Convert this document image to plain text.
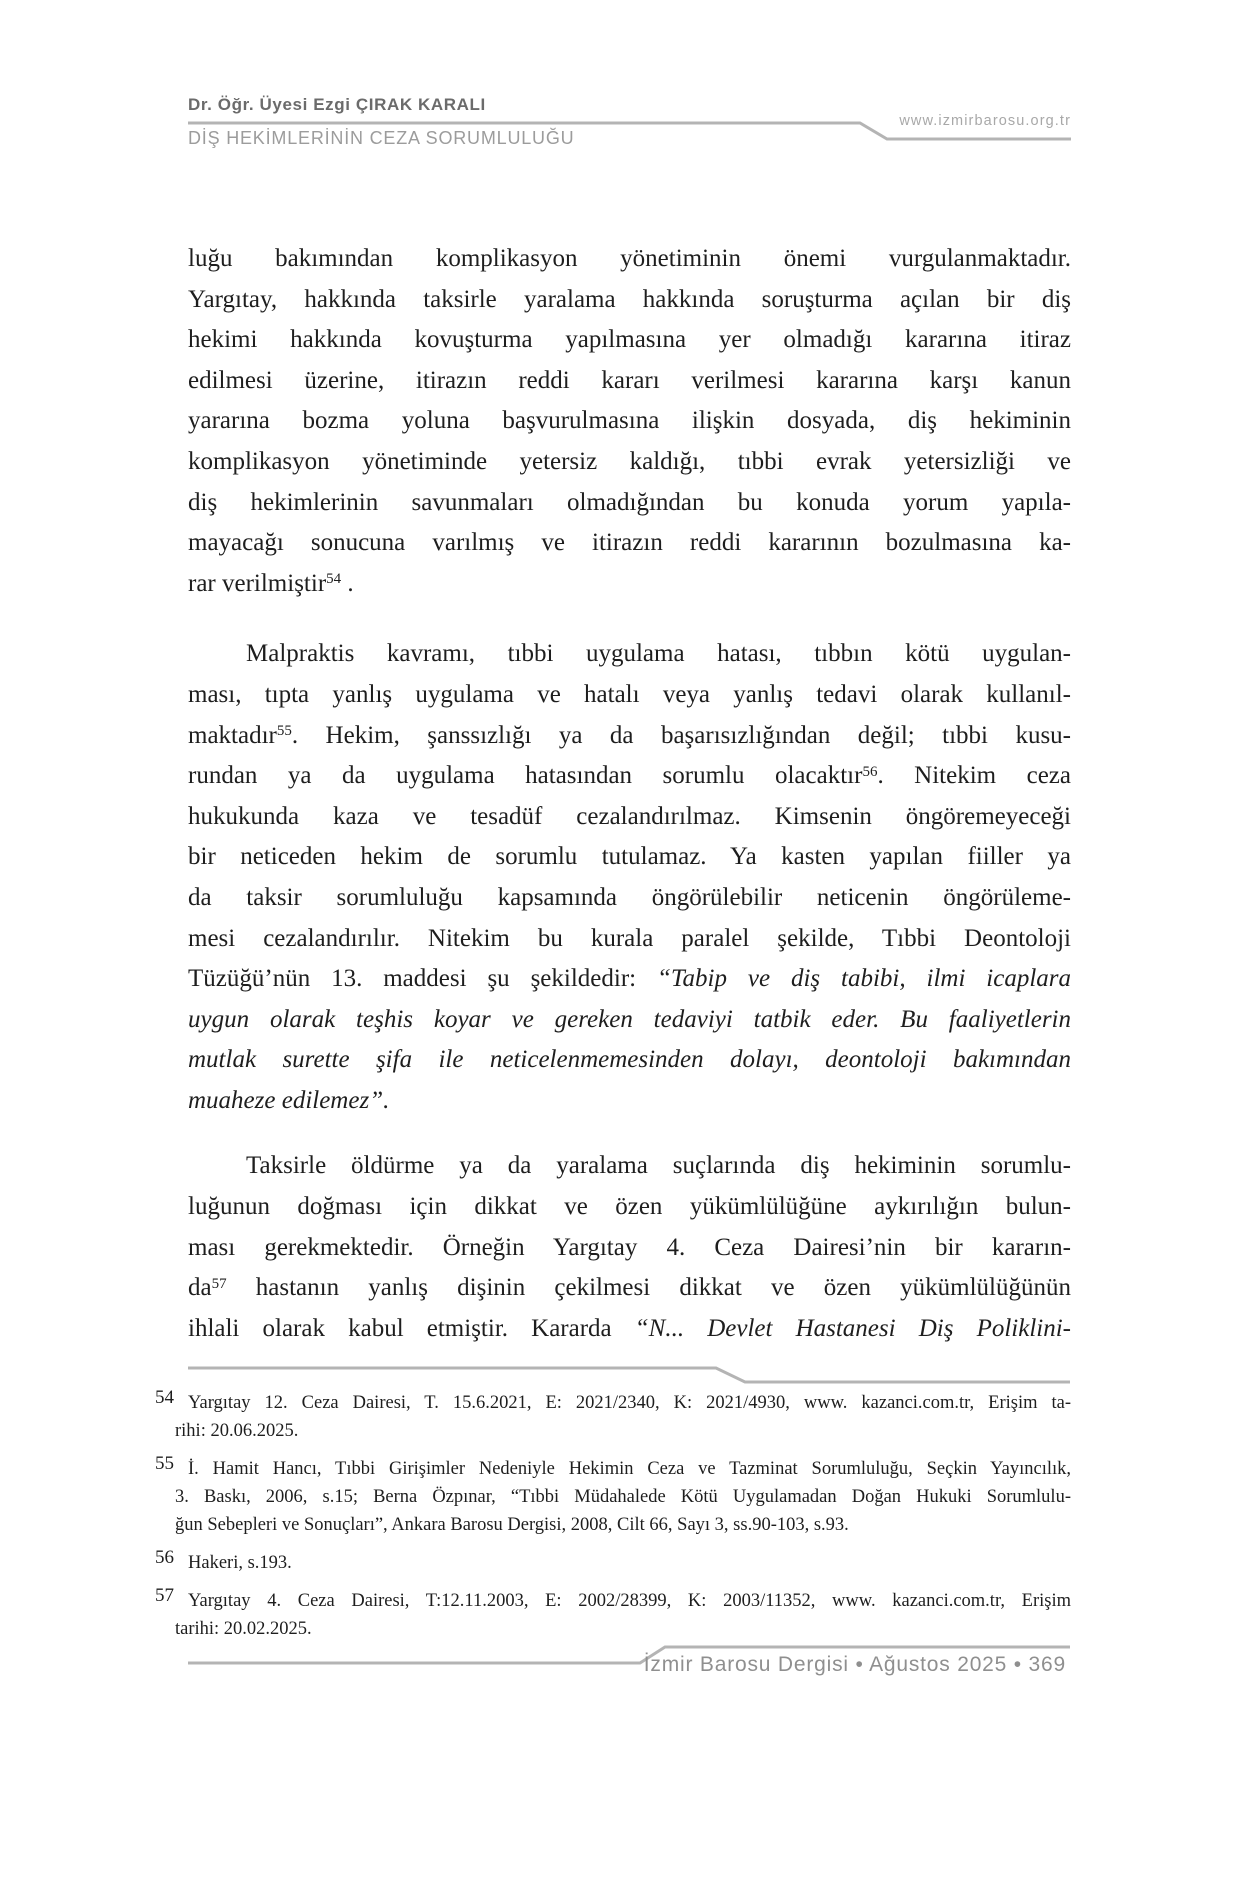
Dr. Öğr. Üyesi Ezgi ÇIRAK KARALI
DİŞ HEKİMLERİNİN CEZA SORUMLULUĞU
www.izmirbarosu.org.tr
luğu bakımından komplikasyon yönetiminin önemi vurgulanmaktadır.
Yargıtay, hakkında taksirle yaralama hakkında soruşturma açılan bir diş
hekimi hakkında kovuşturma yapılmasına yer olmadığı kararına itiraz
edilmesi üzerine, itirazın reddi kararı verilmesi kararına karşı kanun
yararına bozma yoluna başvurulmasına ilişkin dosyada, diş hekiminin
komplikasyon yönetiminde yetersiz kaldığı, tıbbi evrak yetersizliği ve
diş hekimlerinin savunmaları olmadığından bu konuda yorum yapıla-
mayacağı sonucuna varılmış ve itirazın reddi kararının bozulmasına ka-
rar verilmiştir$^{54}$ .
Malpraktis kavramı, tıbbi uygulama hatası, tıbbın kötü uygulan-
ması, tıpta yanlış uygulama ve hatalı veya yanlış tedavi olarak kullanıl-
maktadır$^{55}$. Hekim, şanssızlığı ya da başarısızlığından değil; tıbbi kusu-
rundan ya da uygulama hatasından sorumlu olacaktır$^{56}$. Nitekim ceza
hukukunda kaza ve tesadüf cezalandırılmaz. Kimsenin öngöremeyeceği
bir neticeden hekim de sorumlu tutulamaz. Ya kasten yapılan fiiller ya
da taksir sorumluluğu kapsamında öngörülebilir neticenin öngörüleme-
mesi cezalandırılır. Nitekim bu kurala paralel şekilde, Tıbbi Deontoloji
Tüzüğü’nün 13. maddesi şu şekildedir: “Tabip ve diş tabibi, ilmi icaplara
uygun olarak teşhis koyar ve gereken tedaviyi tatbik eder. Bu faaliyetlerin
mutlak surette şifa ile neticelenmemesinden dolayı, deontoloji bakımından
muaheze edilemez”.
Taksirle öldürme ya da yaralama suçlarında diş hekiminin sorumlu-
luğunun doğması için dikkat ve özen yükümlülüğüne aykırılığın bulun-
ması gerekmektedir. Örneğin Yargıtay 4. Ceza Dairesi’nin bir kararın-
da$^{57}$ hastanın yanlış dişinin çekilmesi dikkat ve özen yükümlülüğünün
ihlali olarak kabul etmiştir. Kararda “N... Devlet Hastanesi Diş Poliklini-
54 Yargıtay 12. Ceza Dairesi, T. 15.6.2021, E: 2021/2340, K: 2021/4930, www. kazanci.com.tr, Erişim ta-
rihi: 20.06.2025.
55 İ. Hamit Hancı, Tıbbi Girişimler Nedeniyle Hekimin Ceza ve Tazminat Sorumluluğu, Seçkin Yayıncılık,
3. Baskı, 2006, s.15; Berna Özpınar, “Tıbbi Müdahalede Kötü Uygulamadan Doğan Hukuki Sorumlulu-
ğun Sebepleri ve Sonuçları”, Ankara Barosu Dergisi, 2008, Cilt 66, Sayı 3, ss.90-103, s.93.
56 Hakeri, s.193.
57 Yargıtay 4. Ceza Dairesi, T:12.11.2003, E: 2002/28399, K: 2003/11352, www. kazanci.com.tr, Erişim
tarihi: 20.02.2025.
İzmir Barosu Dergisi • Ağustos 2025 • 369
